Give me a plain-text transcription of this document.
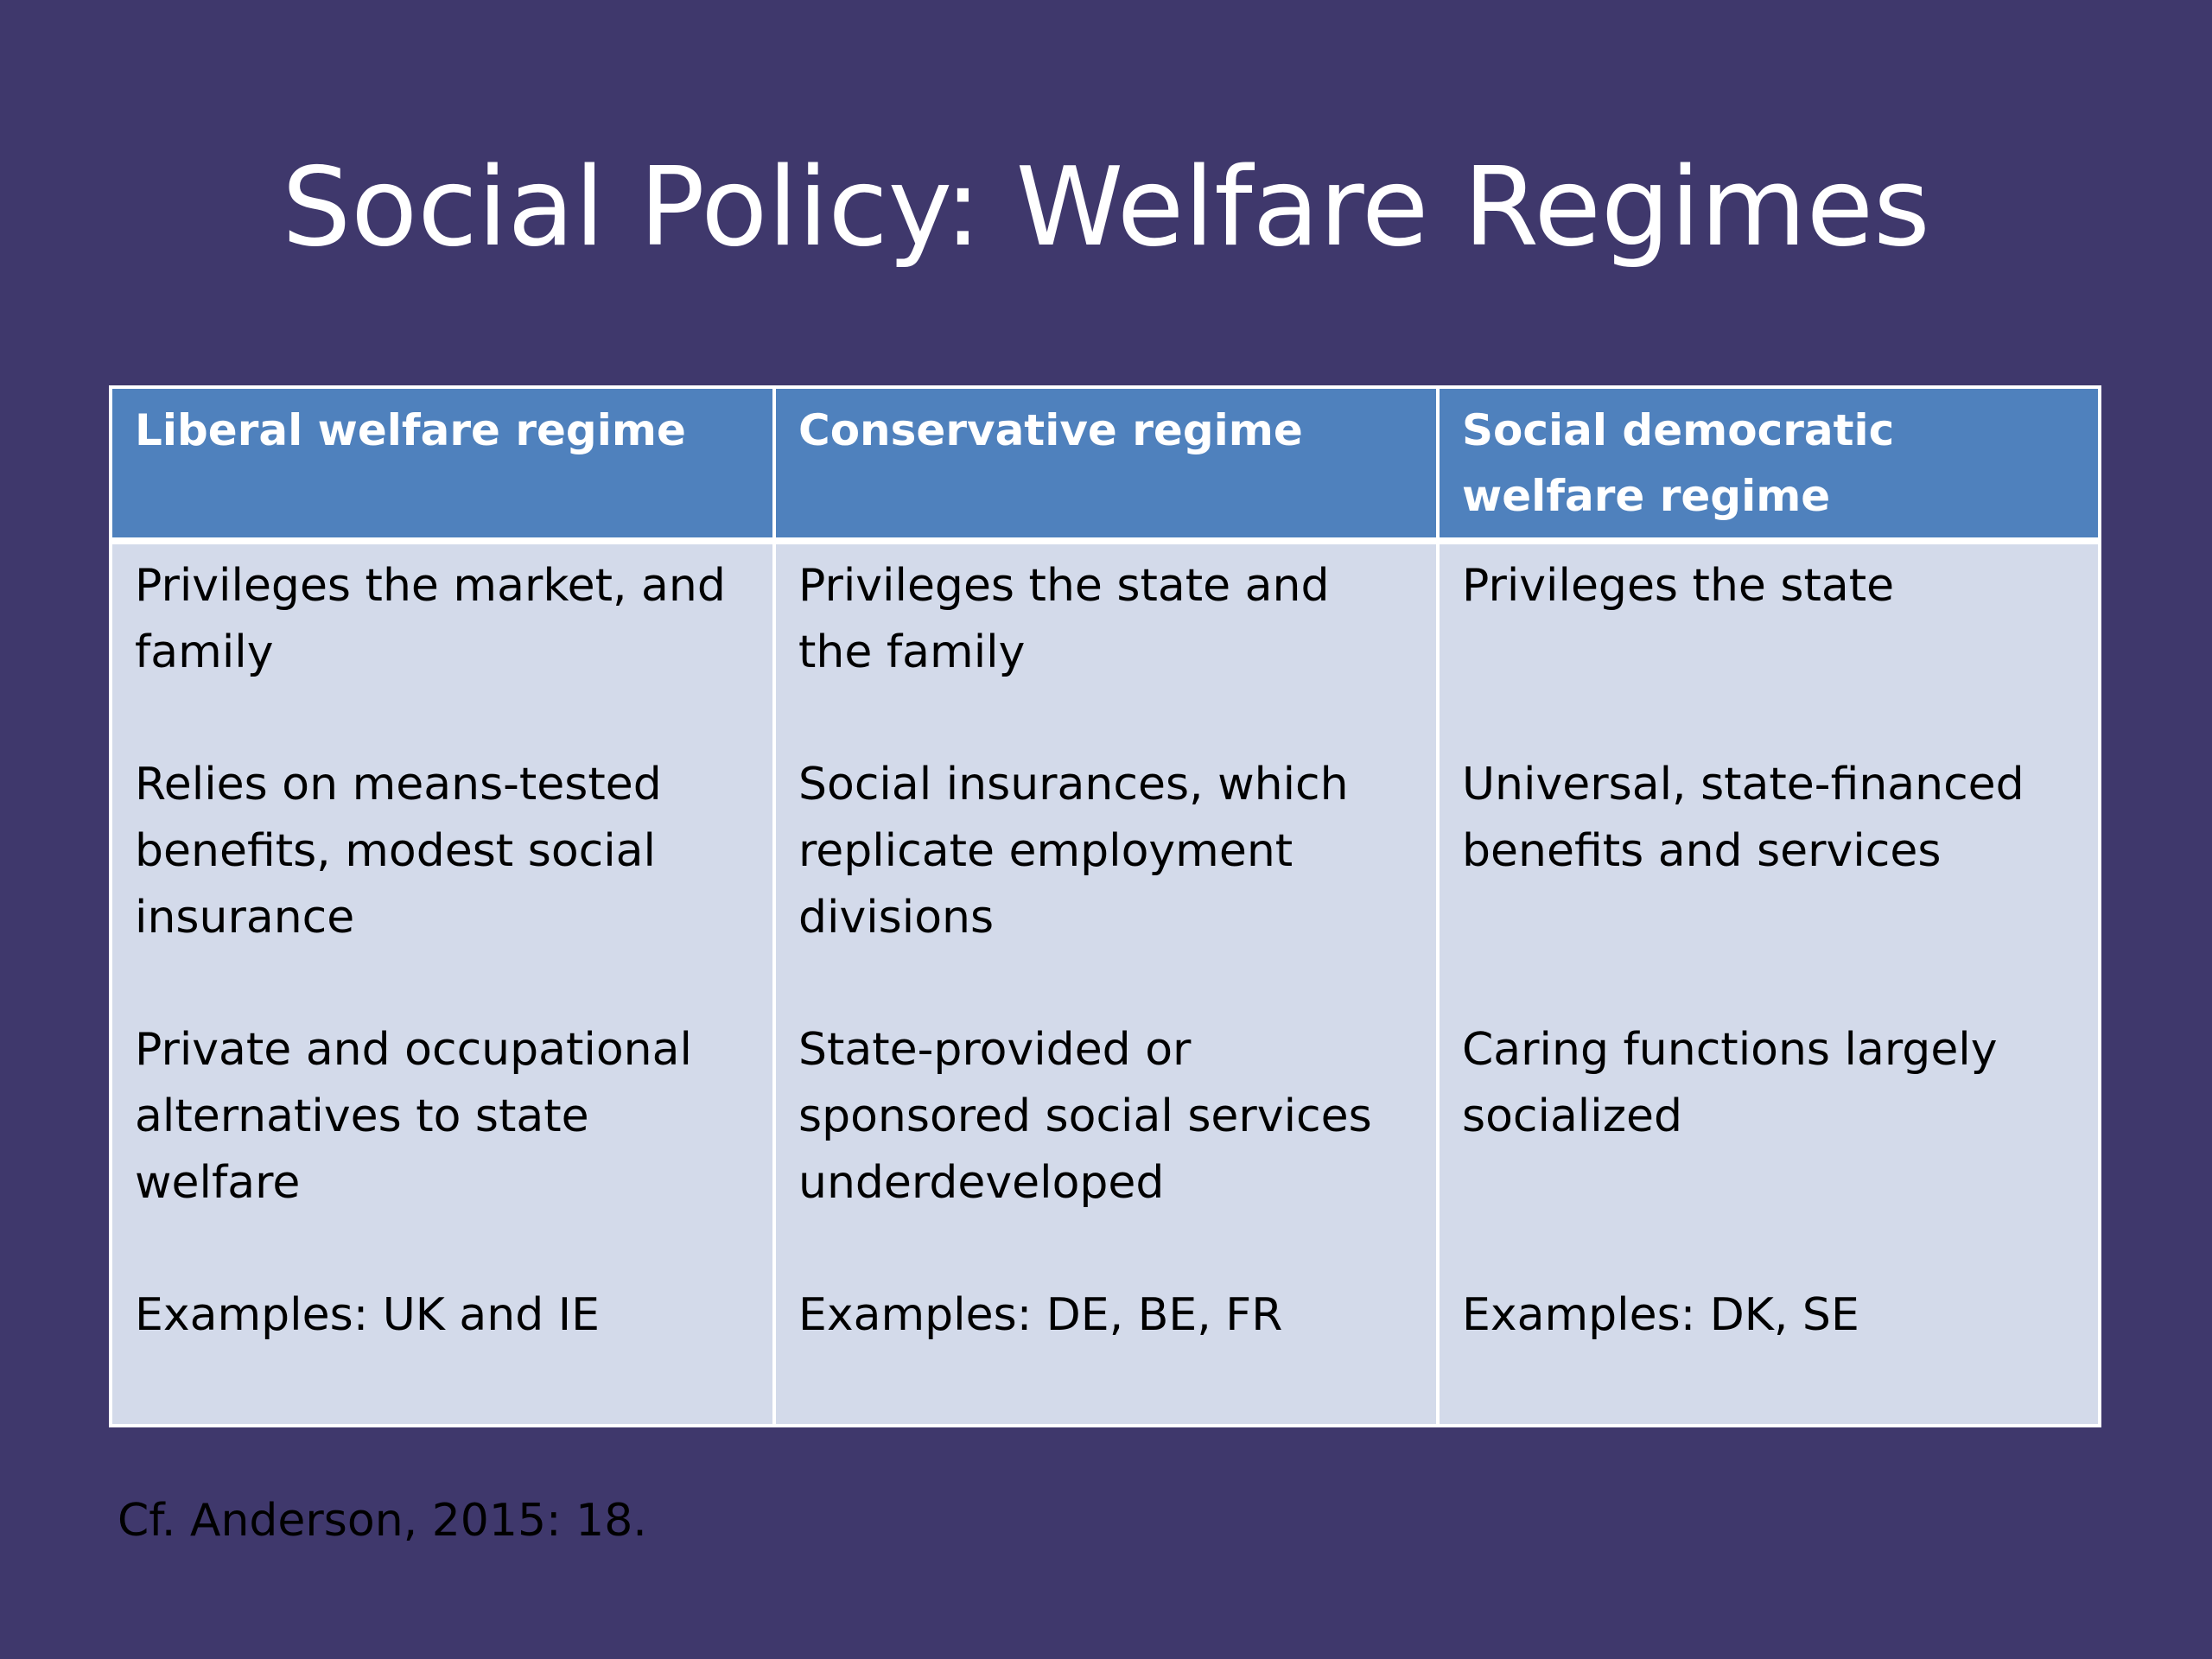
Social Policy: Welfare Regimes
Liberal welfare regime	Conservative regime	Social democratic welfare regime

Privileges the market, and family

Relies on means-tested benefits, modest social insurance

Private and occupational alternatives to state welfare

Examples: UK and IE

Privileges the state and the family

Social insurances, which replicate employment divisions

State-provided or sponsored social services underdeveloped

Examples: DE, BE, FR

Privileges the state

Universal, state-financed benefits and services

Caring functions largely socialized

Examples: DK, SE

Cf. Anderson, 2015: 18.
